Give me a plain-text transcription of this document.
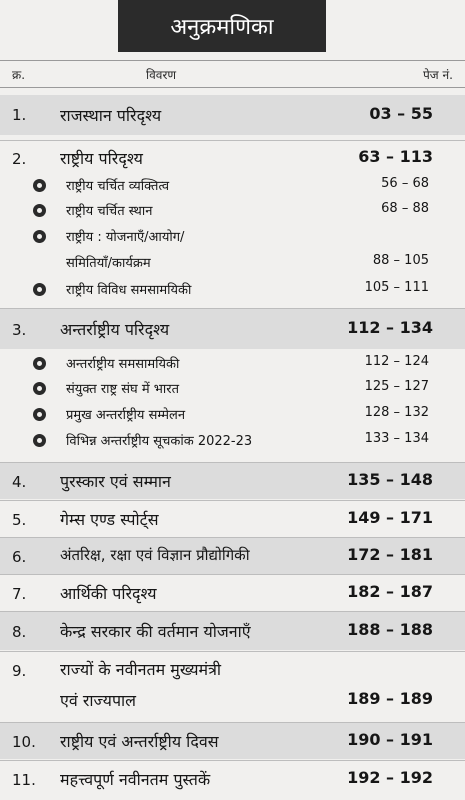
अनुक्रमणिका
क्र.	विवरण	पेज नं.
1. राजस्थान परिदृश्य	03 – 55
2. राष्ट्रीय परिदृश्य	63 – 113
राष्ट्रीय चर्चित व्यक्तित्व	56 – 68
राष्ट्रीय चर्चित स्थान	68 – 88
राष्ट्रीय : योजनाएँ/आयोग/
समितियाँ/कार्यक्रम	88 – 105
राष्ट्रीय विविध समसामयिकी	105 – 111
3. अन्तर्राष्ट्रीय परिदृश्य	112 – 134
अन्तर्राष्ट्रीय समसामयिकी	112 – 124
संयुक्त राष्ट्र संघ में भारत	125 – 127
प्रमुख अन्तर्राष्ट्रीय सम्मेलन	128 – 132
विभिन्न अन्तर्राष्ट्रीय सूचकांक 2022-23	133 – 134
4. पुरस्कार एवं सम्मान	135 – 148
5. गेम्स एण्ड स्पोर्ट्स	149 – 171
6. अंतरिक्ष, रक्षा एवं विज्ञान प्रौद्योगिकी	172 – 181
7. आर्थिकी परिदृश्य	182 – 187
8. केन्द्र सरकार की वर्तमान योजनाएँ	188 – 188
9. राज्यों के नवीनतम मुख्यमंत्री
एवं राज्यपाल	189 – 189
10. राष्ट्रीय एवं अन्तर्राष्ट्रीय दिवस	190 – 191
11. महत्त्वपूर्ण नवीनतम पुस्तकें	192 – 192
